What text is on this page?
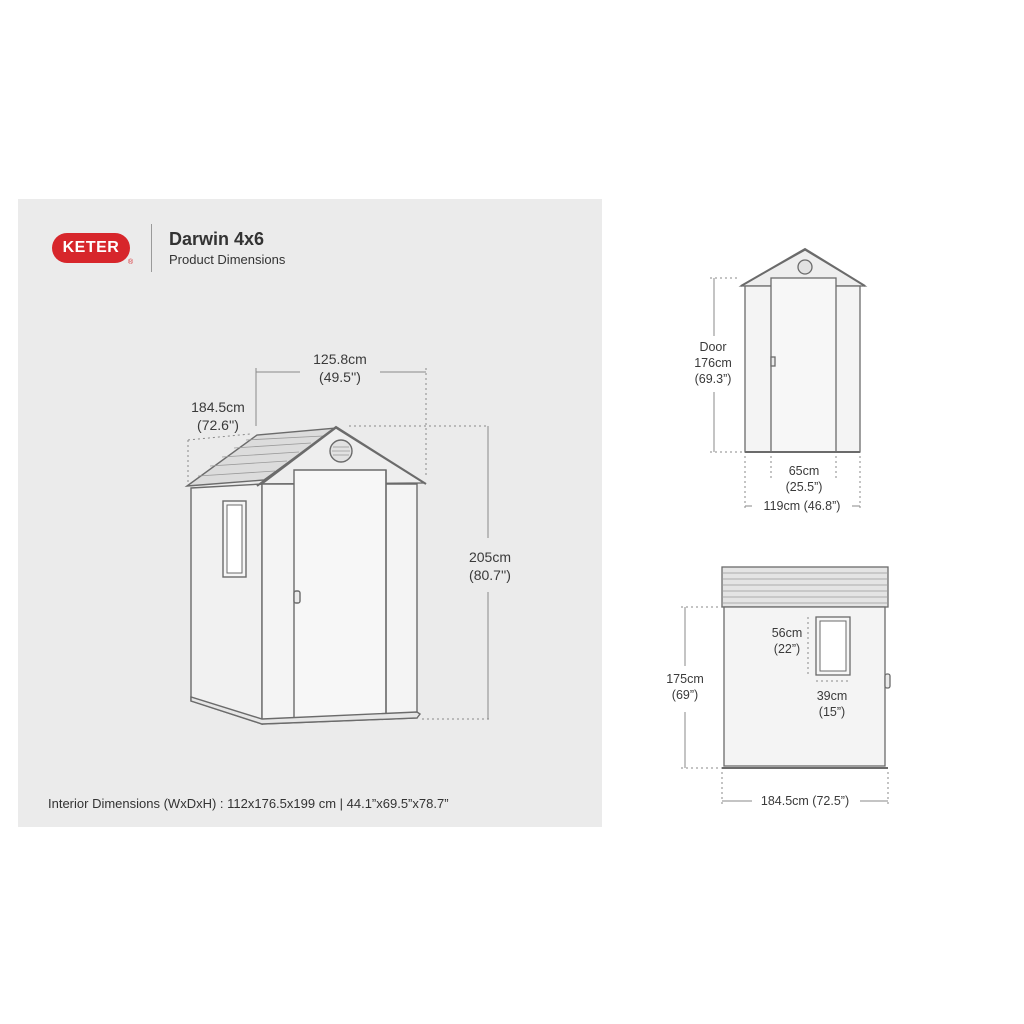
KETER
®
Darwin 4x6
Product Dimensions
125.8cm
(49.5'')
184.5cm
(72.6'')
205cm
(80.7'')
Door
176cm
(69.3”)
65cm
(25.5”)
119cm (46.8”)
56cm
(22”)
39cm
(15”)
175cm
(69”)
184.5cm (72.5”)
Interior Dimensions (WxDxH) : 112x176.5x199 cm | 44.1”x69.5”x78.7”
